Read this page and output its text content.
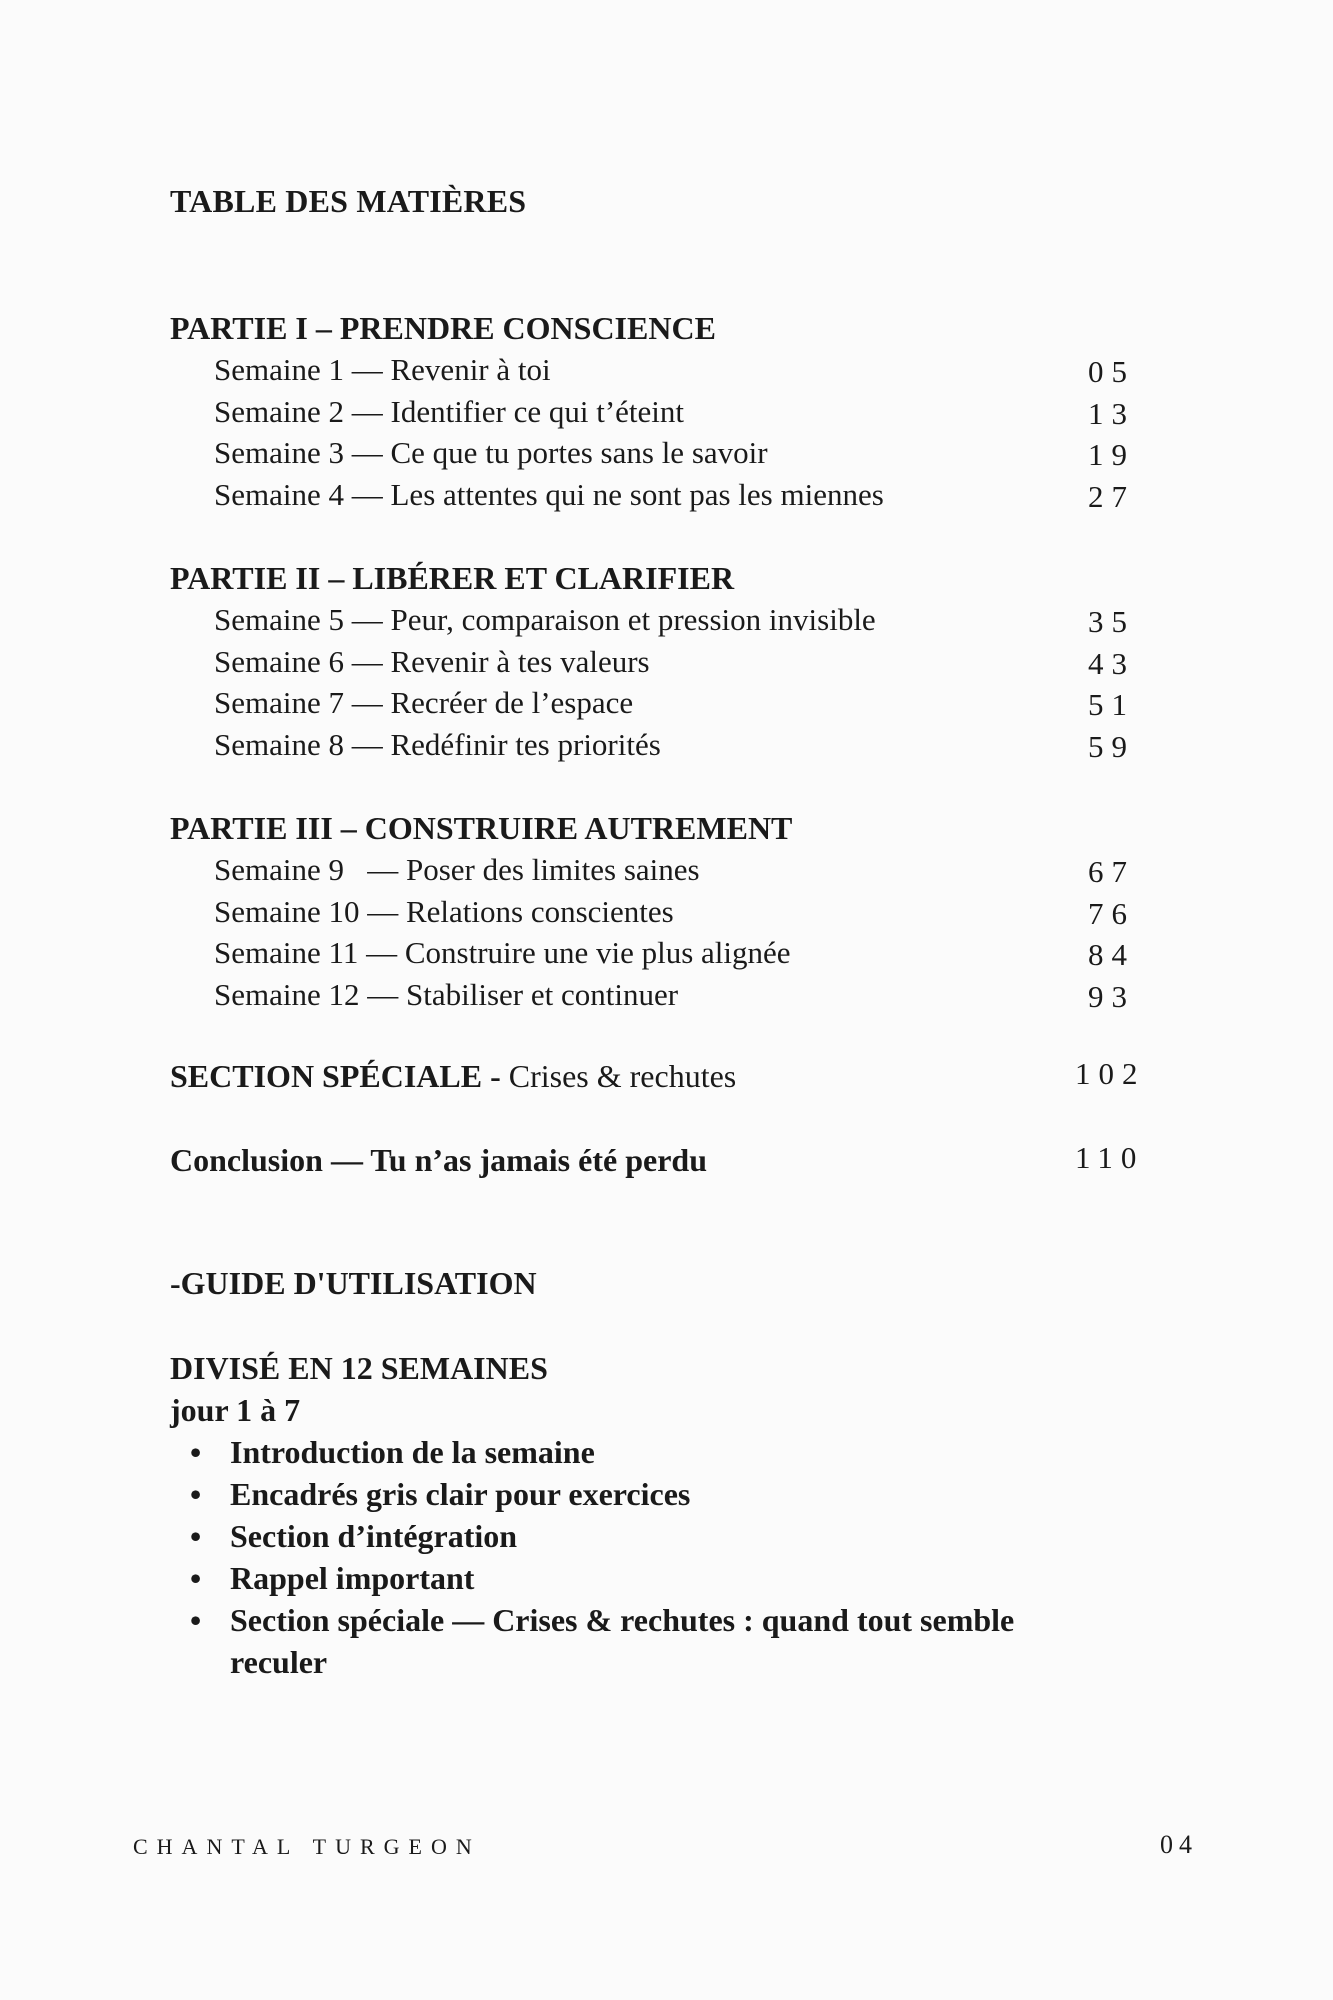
TABLE DES MATIÈRES
PARTIE I – PRENDRE CONSCIENCE
Semaine 1 — Revenir à toi	05
Semaine 2 — Identifier ce qui t’éteint	13
Semaine 3 — Ce que tu portes sans le savoir	19
Semaine 4 — Les attentes qui ne sont pas les miennes	27
PARTIE II – LIBÉRER ET CLARIFIER
Semaine 5 — Peur, comparaison et pression invisible	35
Semaine 6 — Revenir à tes valeurs	43
Semaine 7 — Recréer de l’espace	51
Semaine 8 — Redéfinir tes priorités	59
PARTIE III – CONSTRUIRE AUTREMENT
Semaine 9   — Poser des limites saines	67
Semaine 10 — Relations conscientes	76
Semaine 11 — Construire une vie plus alignée	84
Semaine 12 — Stabiliser et continuer	93
SECTION SPÉCIALE - Crises & rechutes	102
Conclusion — Tu n’as jamais été perdu	110
-GUIDE D'UTILISATION
DIVISÉ EN 12 SEMAINES
jour 1 à 7
• Introduction de la semaine
• Encadrés gris clair pour exercices
• Section d’intégration
• Rappel important
• Section spéciale — Crises & rechutes : quand tout semble reculer
CHANTAL TURGEON	04
